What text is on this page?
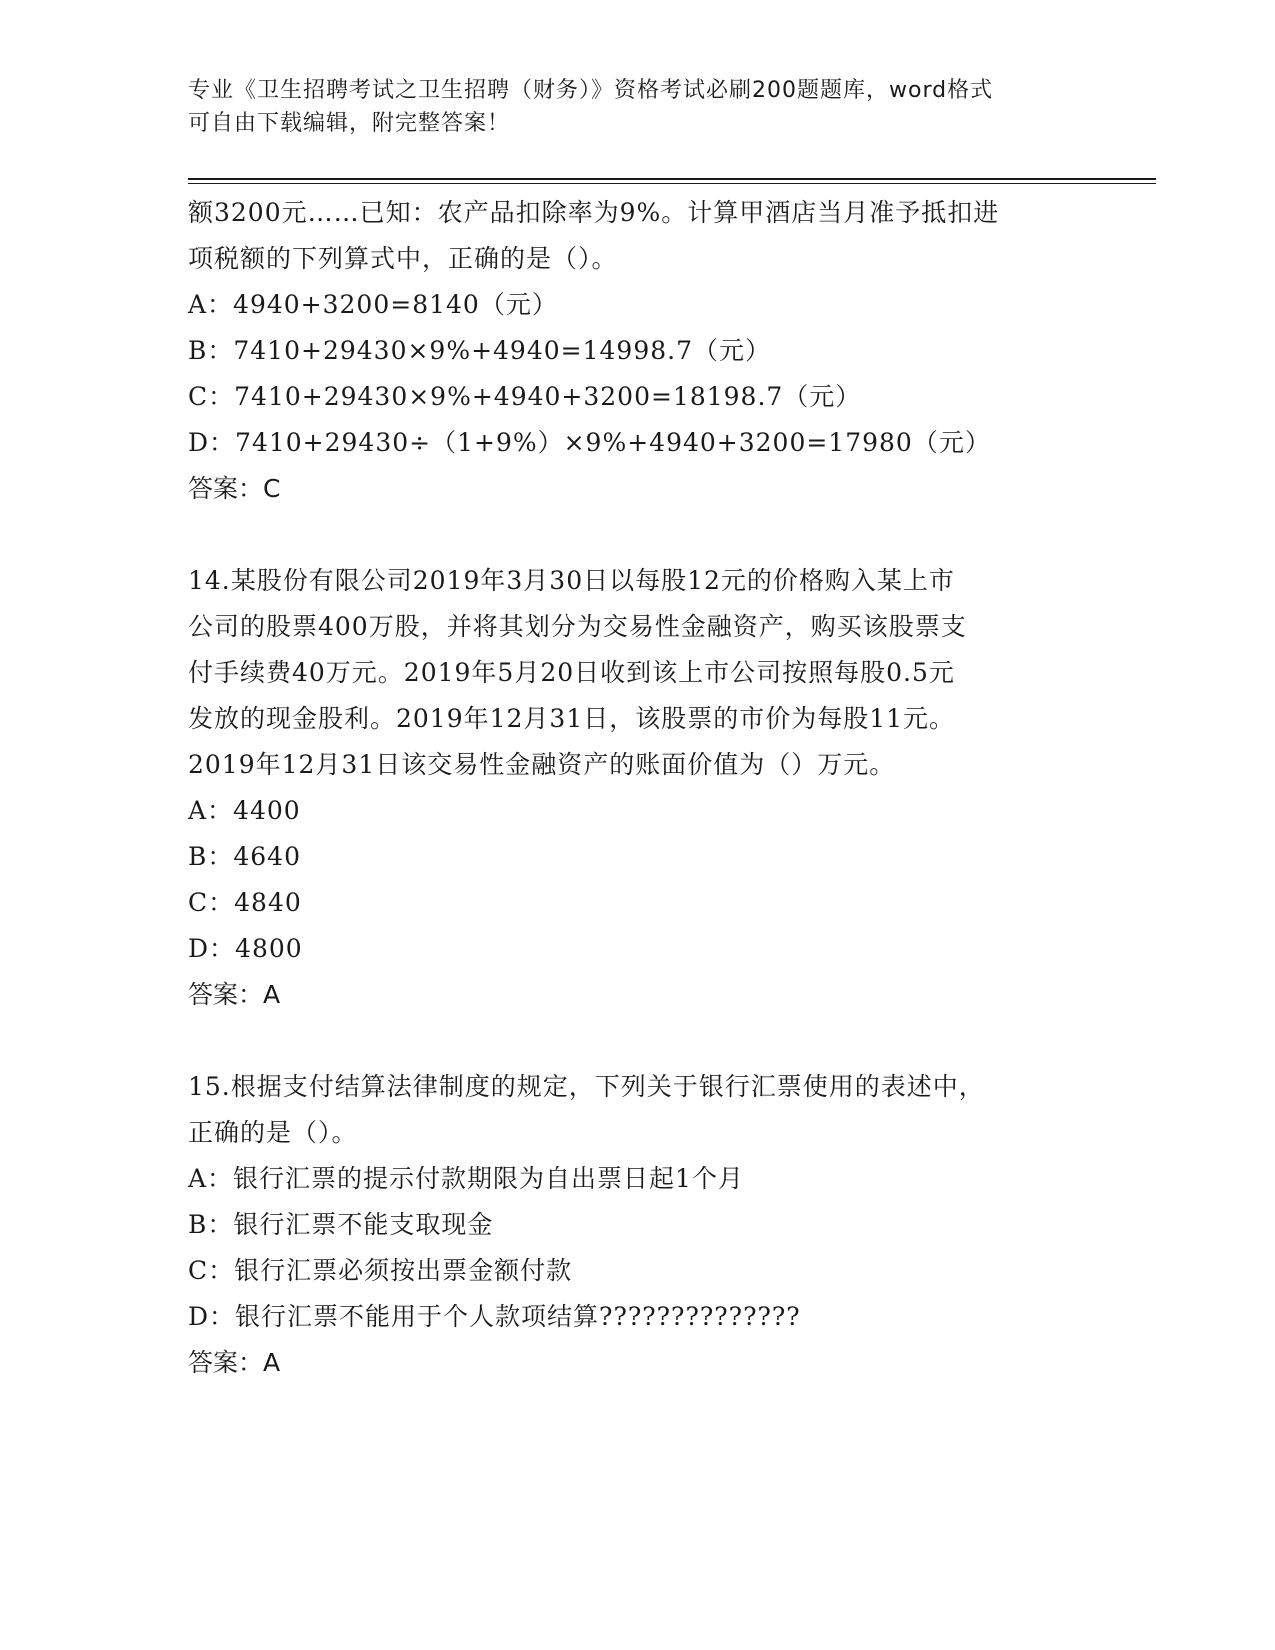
专业《卫生招聘考试之卫生招聘（财务）》资格考试必刷200题题库，word格式
可自由下载编辑，附完整答案！
额3200元……已知：农产品扣除率为9%。计算甲酒店当月准予抵扣进
项税额的下列算式中，正确的是（）。
A：4940+3200=8140（元）
B：7410+29430×9%+4940=14998.7（元）
C：7410+29430×9%+4940+3200=18198.7（元）
D：7410+29430÷（1+9%）×9%+4940+3200=17980（元）
答案：C
14.某股份有限公司2019年3月30日以每股12元的价格购入某上市
公司的股票400万股，并将其划分为交易性金融资产，购买该股票支
付手续费40万元。2019年5月20日收到该上市公司按照每股0.5元
发放的现金股利。2019年12月31日，该股票的市价为每股11元。
2019年12月31日该交易性金融资产的账面价值为（）万元。
A：4400
B：4640
C：4840
D：4800
答案：A
15.根据支付结算法律制度的规定，下列关于银行汇票使用的表述中，
正确的是（）。
A：银行汇票的提示付款期限为自出票日起1个月
B：银行汇票不能支取现金
C：银行汇票必须按出票金额付款
D：银行汇票不能用于个人款项结算??????????????
答案：A
